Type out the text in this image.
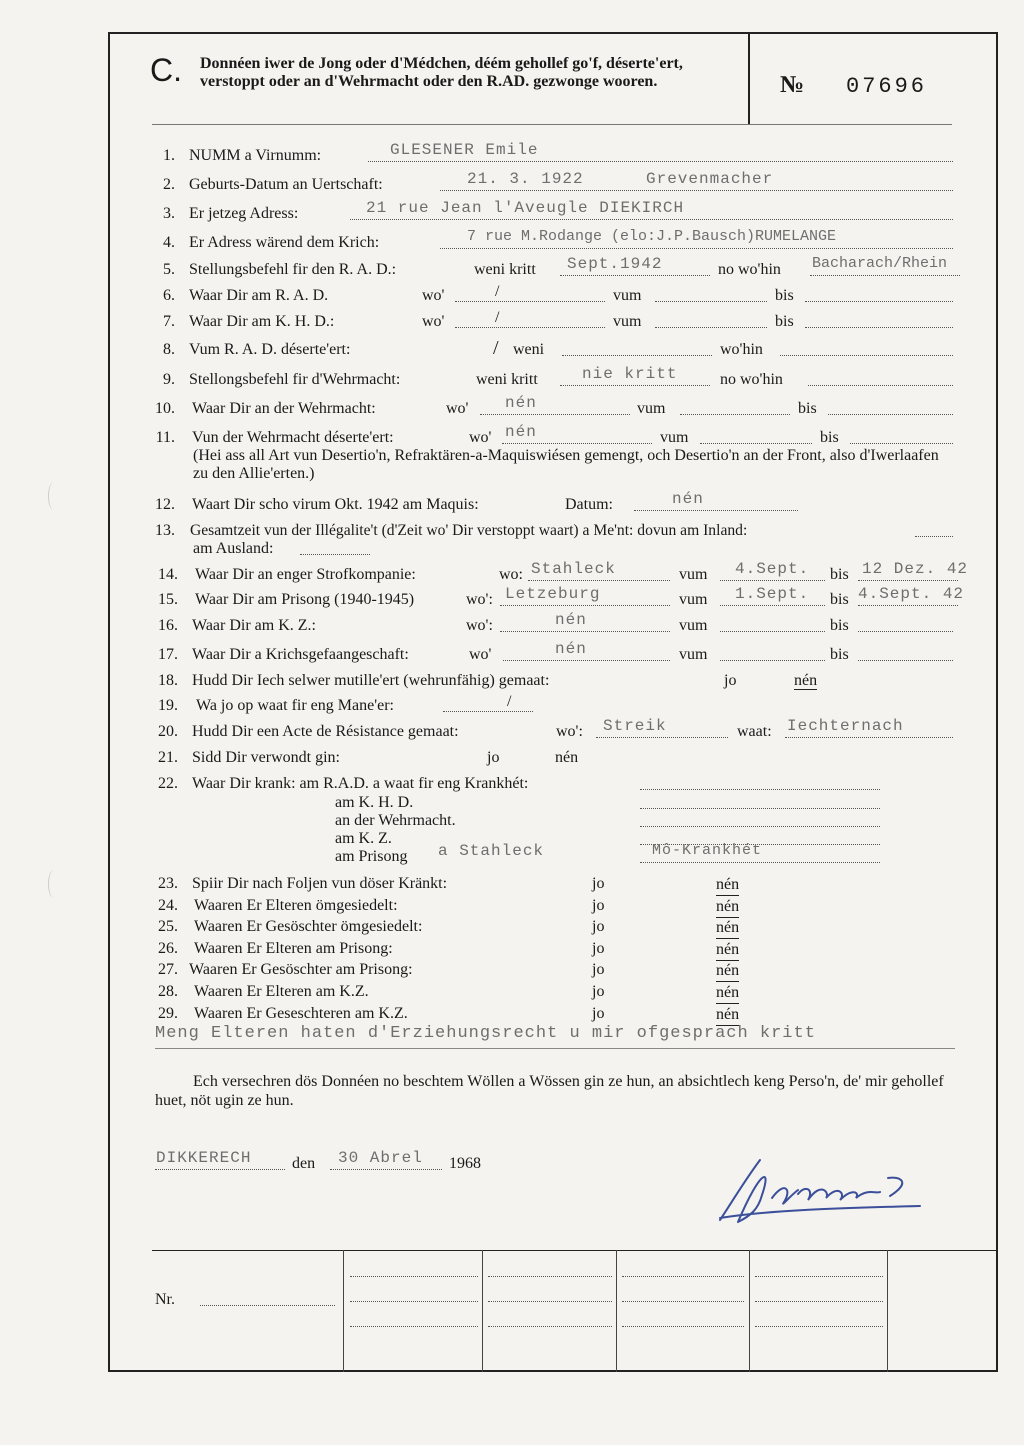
C. Donnéen iwer de Jong oder d'Médchen, déém gehollef go'f, déserte'ert, verstoppt oder an d'Wehrmacht oder den R.AD. gezwonge wooren.	№ 07696
1. NUMM a Virnumm:	GLESENER Emile
2. Geburts-Datum an Uertschaft:	21. 3. 1922	Grevenmacher
3. Er jetzeg Adress:	21 rue Jean l'Aveugle DIEKIRCH
4. Er Adress wärend dem Krich:	7 rue M.Rodange (elo:J.P.Bausch)RUMELANGE
5. Stellungsbefehl fir den R. A. D.:	weni kritt Sept.1942	no wo'hin Bacharach/Rhein
6. Waar Dir am R. A. D.	wo'	/	vum	bis
7. Waar Dir am K. H. D.:	wo'	/	vum	bis
8. Vum R. A. D. déserte'ert:	/ weni	wo'hin
9. Stellongsbefehl fir d'Wehrmacht:	weni kritt	nie kritt	no wo'hin
10. Waar Dir an der Wehrmacht:	wo' nén	vum	bis
11. Vun der Wehrmacht déserte'ert:	wo' nén	vum	bis
(Hei ass all Art vun Desertio'n, Refraktären-a-Maquiswiésen gemengt, och Desertio'n an der Front, also d'Iwerlaafen zu den Allie'erten.)
12. Waart Dir scho virum Okt. 1942 am Maquis:	Datum:	nén
13. Gesamtzeit vun der Illégalite't (d'Zeit wo' Dir verstoppt waart) a Me'nt: dovun am Inland:
am Ausland:
14. Waar Dir an enger Strofkompanie:	wo: Stahleck	vum 4.Sept. bis 12 Dez. 42
15. Waar Dir am Prisong (1940-1945)	wo': Letzeburg	vum 1.Sept. bis 4.Sept. 42
16. Waar Dir am K. Z.:	wo':	nén	vum	bis
17. Waar Dir a Krichsgefaangeschaft:	wo'	nén	vum	bis
18. Hudd Dir Iech selwer mutille'ert (wehrunfähig) gemaat:	jo	nén
19. Wa jo op waat fir eng Mane'er:	/
20. Hudd Dir een Acte de Résistance gemaat:	wo': Streik	waat: Iechternach
21. Sidd Dir verwondt gin:	jo	nén
22. Waar Dir krank: am R.A.D. a waat fir eng Krankhét:
am K. H. D.
an der Wehrmacht.
am K. Z.
am Prisong a Stahleck	Mô-Krankhét
23. Spiir Dir nach Foljen vun döser Kränkt:	jo	nén
24. Waaren Er Elteren ömgesiedelt:	jo	nén
25. Waaren Er Gesöschter ömgesiedelt:	jo	nén
26. Waaren Er Elteren am Prisong:	jo	nén
27. Waaren Er Gesöschter am Prisong:	jo	nén
28. Waaren Er Elteren am K.Z.	jo	nén
29. Waaren Er Geseschteren am K.Z.	jo	nén
Meng Elteren haten d'Erziehungsrecht u mir ofgesprach kritt
Ech versechren dös Donnéen no beschtem Wöllen a Wössen gin ze hun, an absichtlech keng Perso'n, de' mir gehollef huet, nöt ugin ze hun.
DIKKERECH	den 30 Abrel 1968
Nr.
